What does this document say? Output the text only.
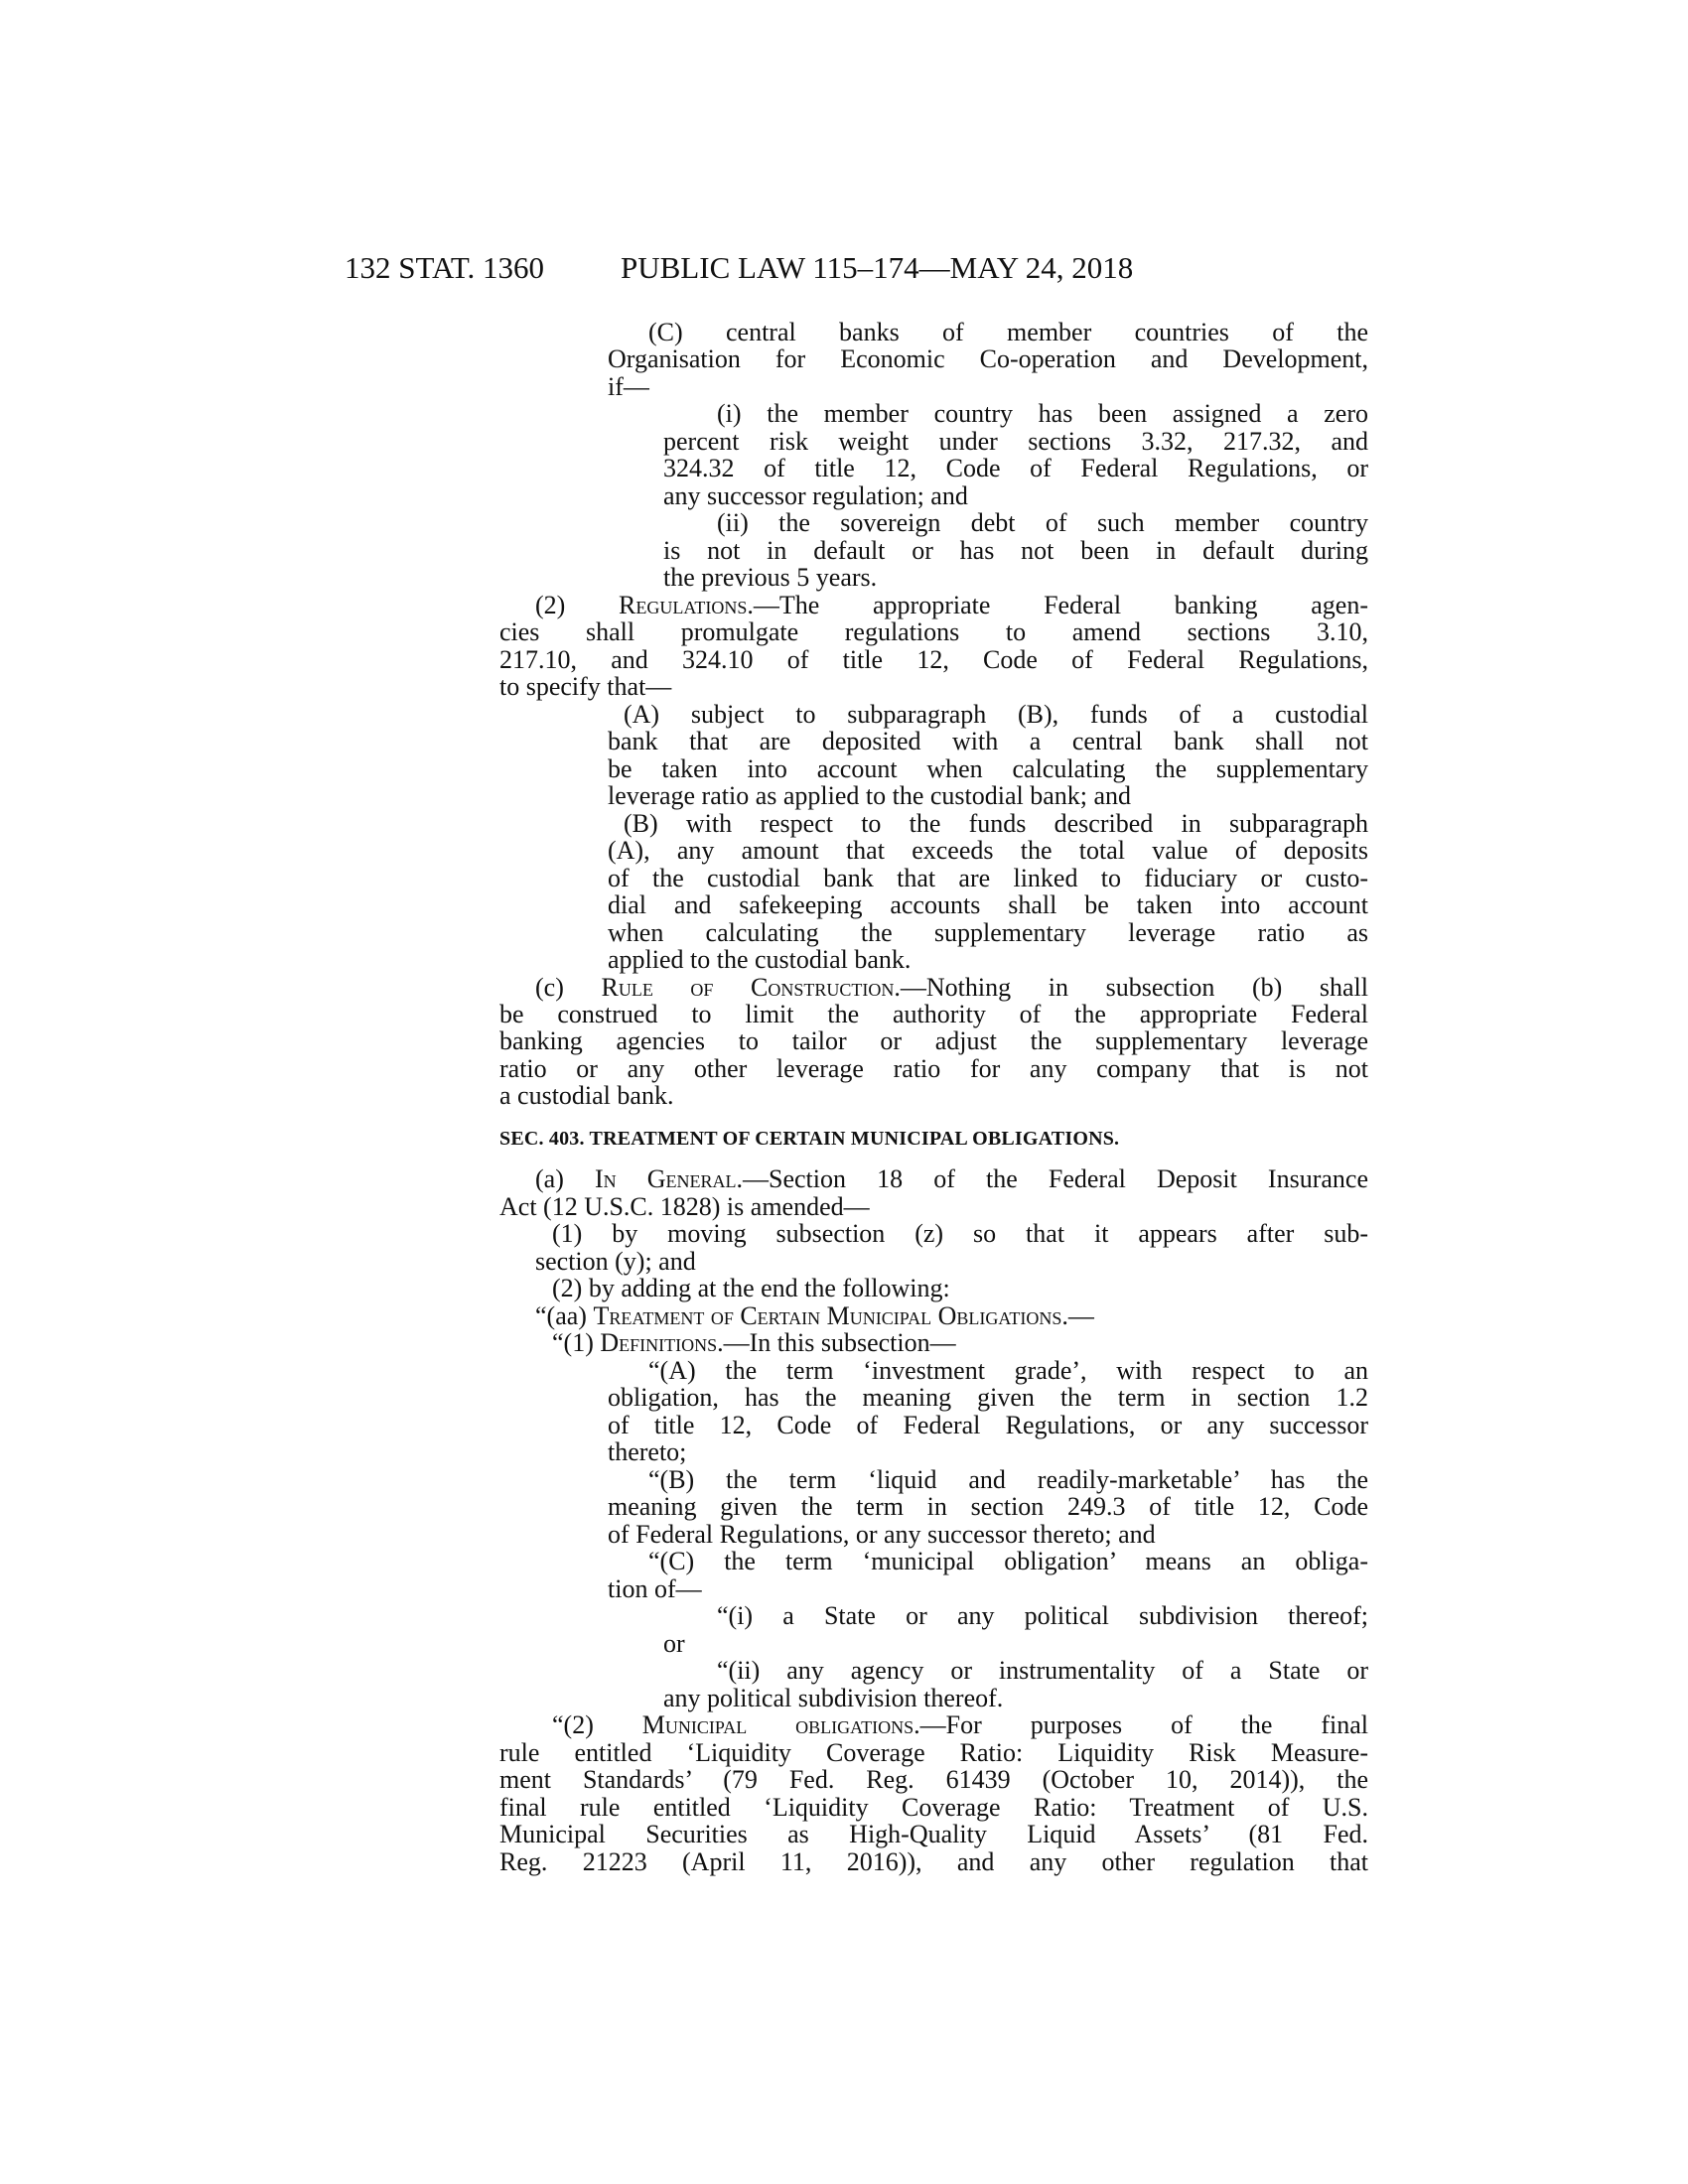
132 STAT. 1360 PUBLIC LAW 115–174—MAY 24, 2018
SEC. 403. TREATMENT OF CERTAIN MUNICIPAL OBLIGATIONS.
(C) central banks of member countries of the
Organisation for Economic Co-operation and Development,
if—
(i) the member country has been assigned a zero
percent risk weight under sections 3.32, 217.32, and
324.32 of title 12, Code of Federal Regulations, or
any successor regulation; and
(ii) the sovereign debt of such member country
is not in default or has not been in default during
the previous 5 years.
(2) Regulations.—The appropriate Federal banking agen-
cies shall promulgate regulations to amend sections 3.10,
217.10, and 324.10 of title 12, Code of Federal Regulations,
to specify that—
(A) subject to subparagraph (B), funds of a custodial
bank that are deposited with a central bank shall not
be taken into account when calculating the supplementary
leverage ratio as applied to the custodial bank; and
(B) with respect to the funds described in subparagraph
(A), any amount that exceeds the total value of deposits
of the custodial bank that are linked to fiduciary or custo-
dial and safekeeping accounts shall be taken into account
when calculating the supplementary leverage ratio as
applied to the custodial bank.
(c) Rule of Construction.—Nothing in subsection (b) shall
be construed to limit the authority of the appropriate Federal
banking agencies to tailor or adjust the supplementary leverage
ratio or any other leverage ratio for any company that is not
a custodial bank.
(a) In General.—Section 18 of the Federal Deposit Insurance
Act (12 U.S.C. 1828) is amended—
(1) by moving subsection (z) so that it appears after sub-
section (y); and
(2) by adding at the end the following:
“(aa) Treatment of Certain Municipal Obligations.—
“(1) Definitions.—In this subsection—
“(A) the term ‘investment grade’, with respect to an
obligation, has the meaning given the term in section 1.2
of title 12, Code of Federal Regulations, or any successor
thereto;
“(B) the term ‘liquid and readily-marketable’ has the
meaning given the term in section 249.3 of title 12, Code
of Federal Regulations, or any successor thereto; and
“(C) the term ‘municipal obligation’ means an obliga-
tion of—
“(i) a State or any political subdivision thereof;
or
“(ii) any agency or instrumentality of a State or
any political subdivision thereof.
“(2) Municipal obligations.—For purposes of the final
rule entitled ‘Liquidity Coverage Ratio: Liquidity Risk Measure-
ment Standards’ (79 Fed. Reg. 61439 (October 10, 2014)), the
final rule entitled ‘Liquidity Coverage Ratio: Treatment of U.S.
Municipal Securities as High-Quality Liquid Assets’ (81 Fed.
Reg. 21223 (April 11, 2016)), and any other regulation that
